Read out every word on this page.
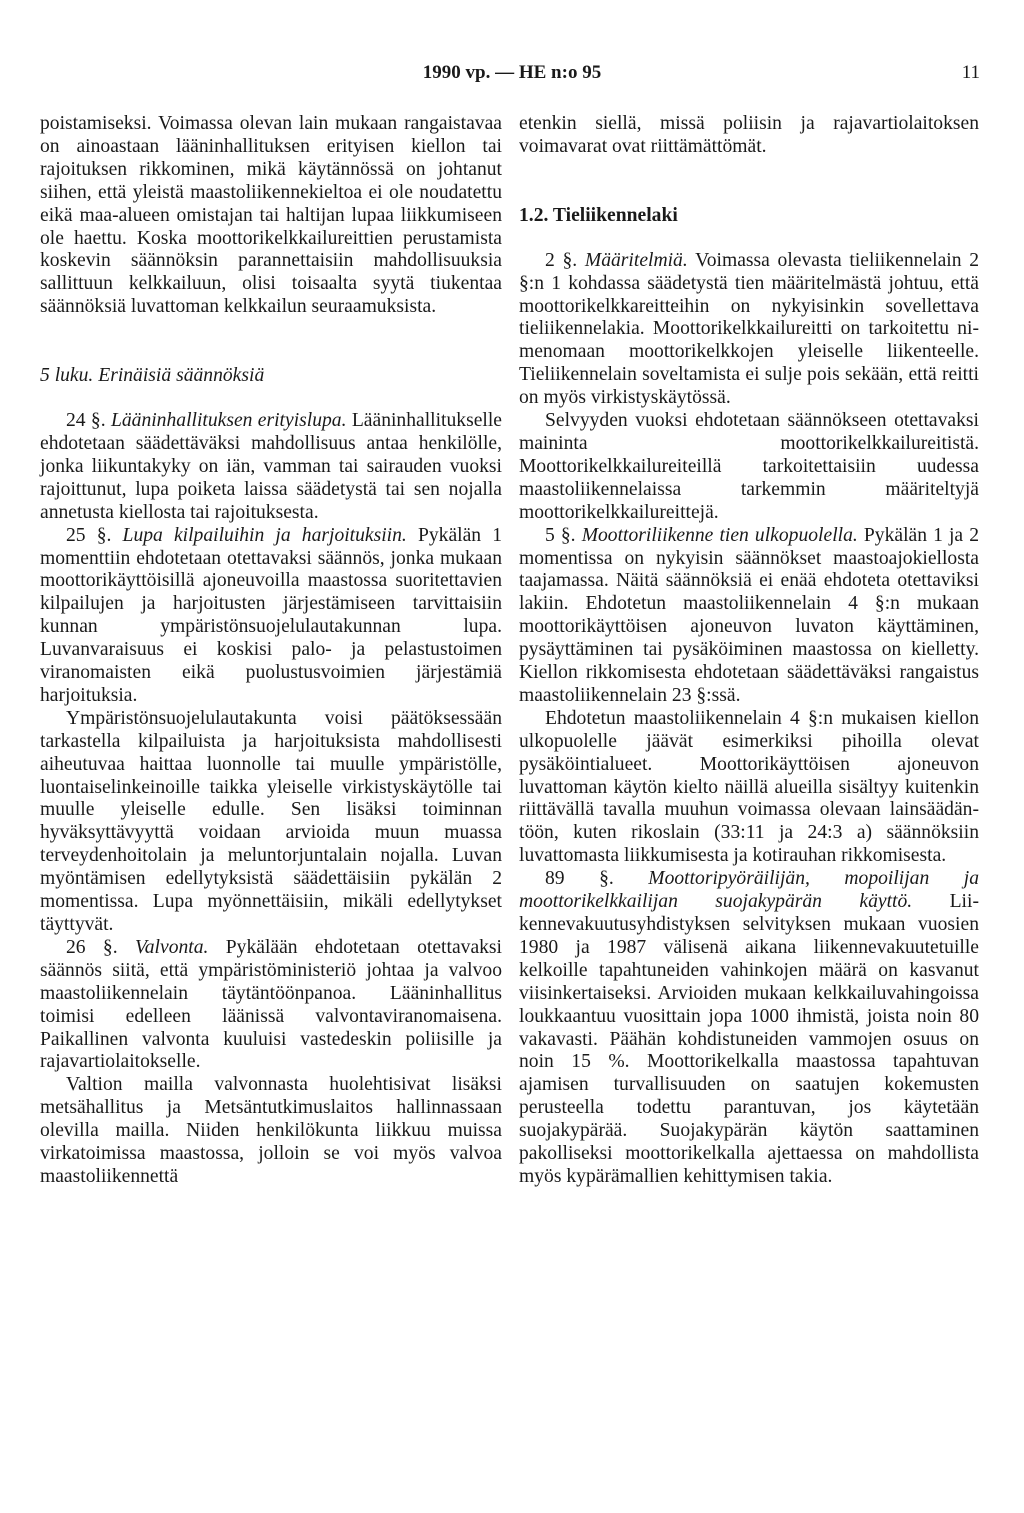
1990 vp. — HE n:o 95	11

poistamiseksi. Voimassa olevan lain mukaan rangaistavaa on ainoastaan lääninhallituksen erityisen kiellon tai rajoituksen rikkominen, mikä käytännössä on johtanut siihen, että yleistä maastoliikennekieltoa ei ole noudatettu eikä maa-alueen omistajan tai haltijan lupaa liikkumiseen ole haettu. Koska moottorikelkkailureittien perustamista koskevin säännöksin parannettaisiin mahdollisuuksia sallittuun kelkkailuun, olisi toisaalta syytä tiukentaa säännöksiä luvattoman kelkkailun seuraamuksista.

5 luku. Erinäisiä säännöksiä

24 §. Lääninhallituksen erityislupa. Lääninhallitukselle ehdotetaan säädettäväksi mahdollisuus antaa henkilölle, jonka liikuntakyky on iän, vamman tai sairauden vuoksi rajoittunut, lupa poiketa laissa säädetystä tai sen nojalla annetusta kiellosta tai rajoituksesta.

25 §. Lupa kilpailuihin ja harjoituksiin. Pykälän 1 momenttiin ehdotetaan otettavaksi säännös, jonka mukaan moottorikäyttöisillä ajoneuvoilla maastossa suoritettavien kilpailujen ja harjoitusten järjestämiseen tarvittaisiin kunnan ympäristönsuojelulautakunnan lupa. Luvanvaraisuus ei koskisi palo- ja pelastustoimen viranomaisten eikä puolustusvoimien järjestämiä harjoituksia.

Ympäristönsuojelulautakunta voisi päätöksessään tarkastella kilpailuista ja harjoituksista mahdollisesti aiheutuvaa haittaa luonnolle tai muulle ympäristölle, luontaiselinkeinoille taikka yleiselle virkistyskäytölle tai muulle yleiselle edulle. Sen lisäksi toiminnan hyväksyttävyyttä voidaan arvioida muun muassa terveydenhoitolain ja meluntorjuntalain nojalla. Luvan myöntämisen edellytyksistä säädettäisiin pykälän 2 momentissa. Lupa myönnettäisiin, mikäli edellytykset täyttyvät.

26 §. Valvonta. Pykälään ehdotetaan otettavaksi säännös siitä, että ympäristöministeriö johtaa ja valvoo maastoliikennelain täytäntöönpanoa. Lääninhallitus toimisi edelleen läänissä valvontaviranomaisena. Paikallinen valvonta kuuluisi vastedeskin poliisille ja rajavartiolaitokselle.

Valtion mailla valvonnasta huolehtisivat lisäksi metsähallitus ja Metsäntutkimuslaitos hallinnassaan olevilla mailla. Niiden henkilökunta liikkuu muissa virkatoimissa maastossa, jolloin se voi myös valvoa maastoliikennettä

etenkin siellä, missä poliisin ja rajavartiolaitoksen voimavarat ovat riittämättömät.

1.2. Tieliikennelaki

2 §. Määritelmiä. Voimassa olevasta tieliikennelain 2 §:n 1 kohdassa säädetystä tien määritelmästä johtuu, että moottorikelkkareitteihin on nykyisinkin sovellettava tieliikennelakia. Moottorikelkkailureitti on tarkoitettu nimenomaan moottorikelkkojen yleiselle liikenteelle. Tieliikennelain soveltamista ei sulje pois sekään, että reitti on myös virkistyskäytössä.

Selvyyden vuoksi ehdotetaan säännökseen otettavaksi maininta moottorikelkkailureitistä. Moottorikelkkailureiteillä tarkoitettaisiin uudessa maastoliikennelaissa tarkemmin määriteltyjä moottorikelkkailureittejä.

5 §. Moottoriliikenne tien ulkopuolella. Pykälän 1 ja 2 momentissa on nykyisin säännökset maastoajokiellosta taajamassa. Näitä säännöksiä ei enää ehdoteta otettaviksi lakiin. Ehdotetun maastoliikennelain 4 §:n mukaan moottorikäyttöisen ajoneuvon luvaton käyttäminen, pysäyttäminen tai pysäköiminen maastossa on kielletty. Kiellon rikkomisesta ehdotetaan säädettäväksi rangaistus maastoliikennelain 23 §:ssä.

Ehdotetun maastoliikennelain 4 §:n mukaisen kiellon ulkopuolelle jäävät esimerkiksi pihoilla olevat pysäköintialueet. Moottorikäyttöisen ajoneuvon luvattoman käytön kielto näillä alueilla sisältyy kuitenkin riittävällä tavalla muuhun voimassa olevaan lainsäädäntöön, kuten rikoslain (33:11 ja 24:3 a) säännöksiin luvattomasta liikkumisesta ja kotirauhan rikkomisesta.

89 §. Moottoripyöräilijän, mopoilijan ja moottorikelkkailijan suojakypärän käyttö. Liikennevakuutusyhdistyksen selvityksen mukaan vuosien 1980 ja 1987 välisenä aikana liikennevakuutetuille kelkoille tapahtuneiden vahinkojen määrä on kasvanut viisinkertaiseksi. Arvioiden mukaan kelkkailuvahingoissa loukkaantuu vuosittain jopa 1000 ihmistä, joista noin 80 vakavasti. Päähän kohdistuneiden vammojen osuus on noin 15 %. Moottorikelkalla maastossa tapahtuvan ajamisen turvallisuuden on saatujen kokemusten perusteella todettu parantuvan, jos käytetään suojakypärää. Suojakypärän käytön saattaminen pakolliseksi moottorikelkalla ajettaessa on mahdollista myös kypärämallien kehittymisen takia.
